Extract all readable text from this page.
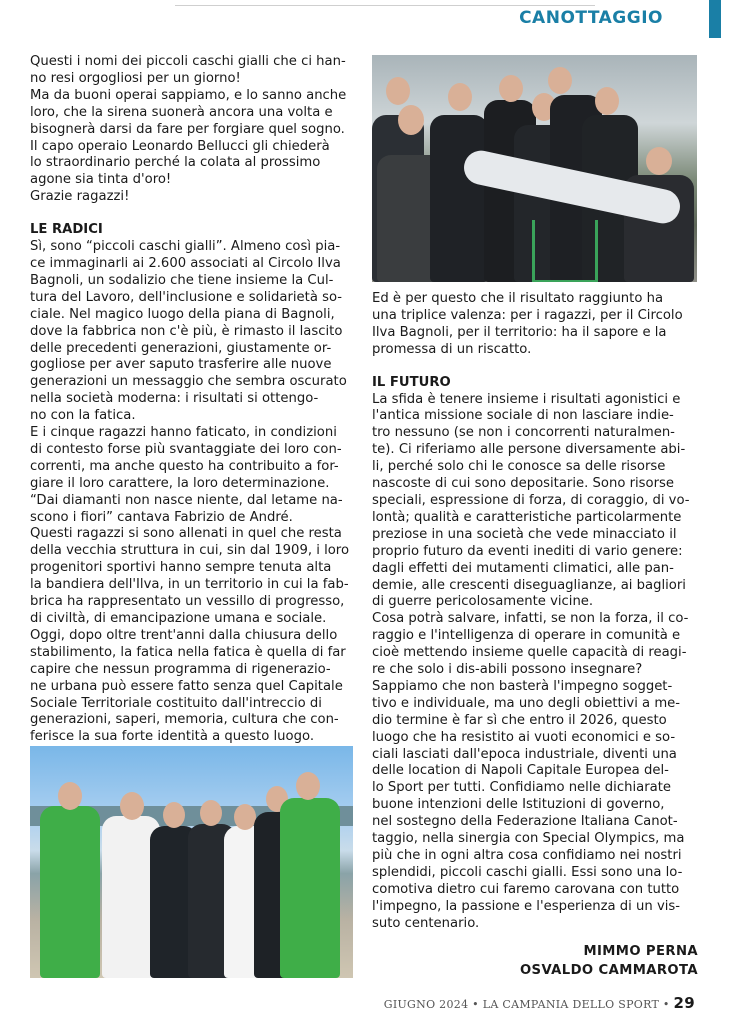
CANOTTAGGIO
Questi i nomi dei piccoli caschi gialli che ci han-
no resi orgogliosi per un giorno!
Ma da buoni operai sappiamo, e lo sanno anche
loro, che la sirena suonerà ancora una volta e
bisognerà darsi da fare per forgiare quel sogno.
Il capo operaio Leonardo Bellucci gli chiederà
lo straordinario perché la colata al prossimo
agone sia tinta d'oro!
Grazie ragazzi!

LE RADICI

Sì, sono “piccoli caschi gialli”. Almeno così pia-
ce immaginarli ai 2.600 associati al Circolo Ilva
Bagnoli, un sodalizio che tiene insieme la Cul-
tura del Lavoro, dell'inclusione e solidarietà so-
ciale. Nel magico luogo della piana di Bagnoli,
dove la fabbrica non c'è più, è rimasto il lascito
delle precedenti generazioni, giustamente or-
gogliose per aver saputo trasferire alle nuove
generazioni un messaggio che sembra oscurato
nella società moderna: i risultati si ottengo-
no con la fatica.
E i cinque ragazzi hanno faticato, in condizioni
di contesto forse più svantaggiate dei loro con-
correnti, ma anche questo ha contribuito a for-
giare il loro carattere, la loro determinazione.
“Dai diamanti non nasce niente, dal letame na-
scono i fiori” cantava Fabrizio de André.
Questi ragazzi si sono allenati in quel che resta
della vecchia struttura in cui, sin dal 1909, i loro
progenitori sportivi hanno sempre tenuta alta
la bandiera dell'Ilva, in un territorio in cui la fab-
brica ha rappresentato un vessillo di progresso,
di civiltà, di emancipazione umana e sociale.
Oggi, dopo oltre trent'anni dalla chiusura dello
stabilimento, la fatica nella fatica è quella di far
capire che nessun programma di rigenerazio-
ne urbana può essere fatto senza quel Capitale
Sociale Territoriale costituito dall'intreccio di
generazioni, saperi, memoria, cultura che con-
ferisce la sua forte identità a questo luogo.
Ed è per questo che il risultato raggiunto ha
una triplice valenza: per i ragazzi, per il Circolo
Ilva Bagnoli, per il territorio: ha il sapore e la
promessa di un riscatto.

IL FUTURO

La sfida è tenere insieme i risultati agonistici e
l'antica missione sociale di non lasciare indie-
tro nessuno (se non i concorrenti naturalmen-
te). Ci riferiamo alle persone diversamente abi-
li, perché solo chi le conosce sa delle risorse
nascoste di cui sono depositarie. Sono risorse
speciali, espressione di forza, di coraggio, di vo-
lontà; qualità e caratteristiche particolarmente
preziose in una società che vede minacciato il
proprio futuro da eventi inediti di vario genere:
dagli effetti dei mutamenti climatici, alle pan-
demie, alle crescenti diseguaglianze, ai bagliori
di guerre pericolosamente vicine.
Cosa potrà salvare, infatti, se non la forza, il co-
raggio e l'intelligenza di operare in comunità e
cioè mettendo insieme quelle capacità di reagi-
re che solo i dis-abili possono insegnare?
Sappiamo che non basterà l'impegno sogget-
tivo e individuale, ma uno degli obiettivi a me-
dio termine è far sì che entro il 2026, questo
luogo che ha resistito ai vuoti economici e so-
ciali lasciati dall'epoca industriale, diventi una
delle location di Napoli Capitale Europea del-
lo Sport per tutti. Confidiamo nelle dichiarate
buone intenzioni delle Istituzioni di governo,
nel sostegno della Federazione Italiana Canot-
taggio, nella sinergia con Special Olympics, ma
più che in ogni altra cosa confidiamo nei nostri
splendidi, piccoli caschi gialli. Essi sono una lo-
comotiva dietro cui faremo carovana con tutto
l'impegno, la passione e l'esperienza di un vis-
suto centenario.
MIMMO PERNA
OSVALDO CAMMAROTA
GIUGNO 2024 • LA CAMPANIA DELLO SPORT • 29
